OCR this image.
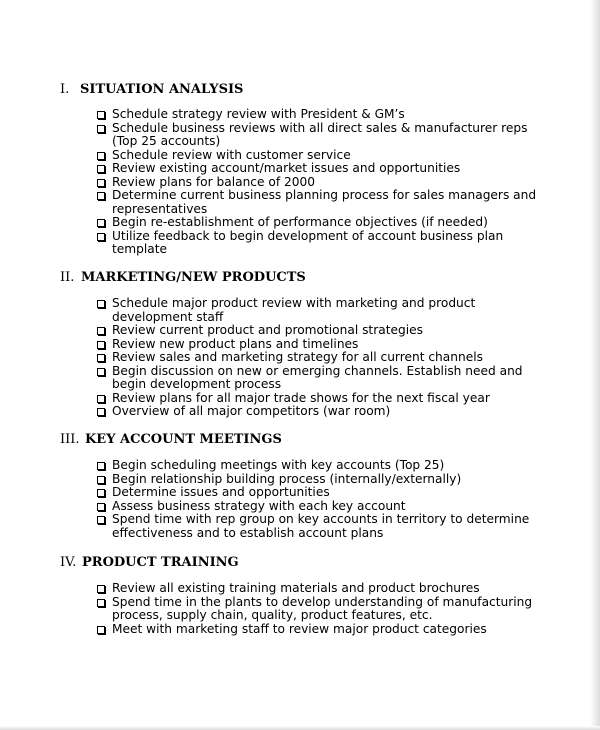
I. SITUATION ANALYSIS
Schedule strategy review with President & GM’s
Schedule business reviews with all direct sales & manufacturer reps
(Top 25 accounts)
Schedule review with customer service
Review existing account/market issues and opportunities
Review plans for balance of 2000
Determine current business planning process for sales managers and
representatives
Begin re-establishment of performance objectives (if needed)
Utilize feedback to begin development of account business plan
template
II. MARKETING/NEW PRODUCTS
Schedule major product review with marketing and product
development staff
Review current product and promotional strategies
Review new product plans and timelines
Review sales and marketing strategy for all current channels
Begin discussion on new or emerging channels. Establish need and
begin development process
Review plans for all major trade shows for the next fiscal year
Overview of all major competitors (war room)
III. KEY ACCOUNT MEETINGS
Begin scheduling meetings with key accounts (Top 25)
Begin relationship building process (internally/externally)
Determine issues and opportunities
Assess business strategy with each key account
Spend time with rep group on key accounts in territory to determine
effectiveness and to establish account plans
IV. PRODUCT TRAINING
Review all existing training materials and product brochures
Spend time in the plants to develop understanding of manufacturing
process, supply chain, quality, product features, etc.
Meet with marketing staff to review major product categories
